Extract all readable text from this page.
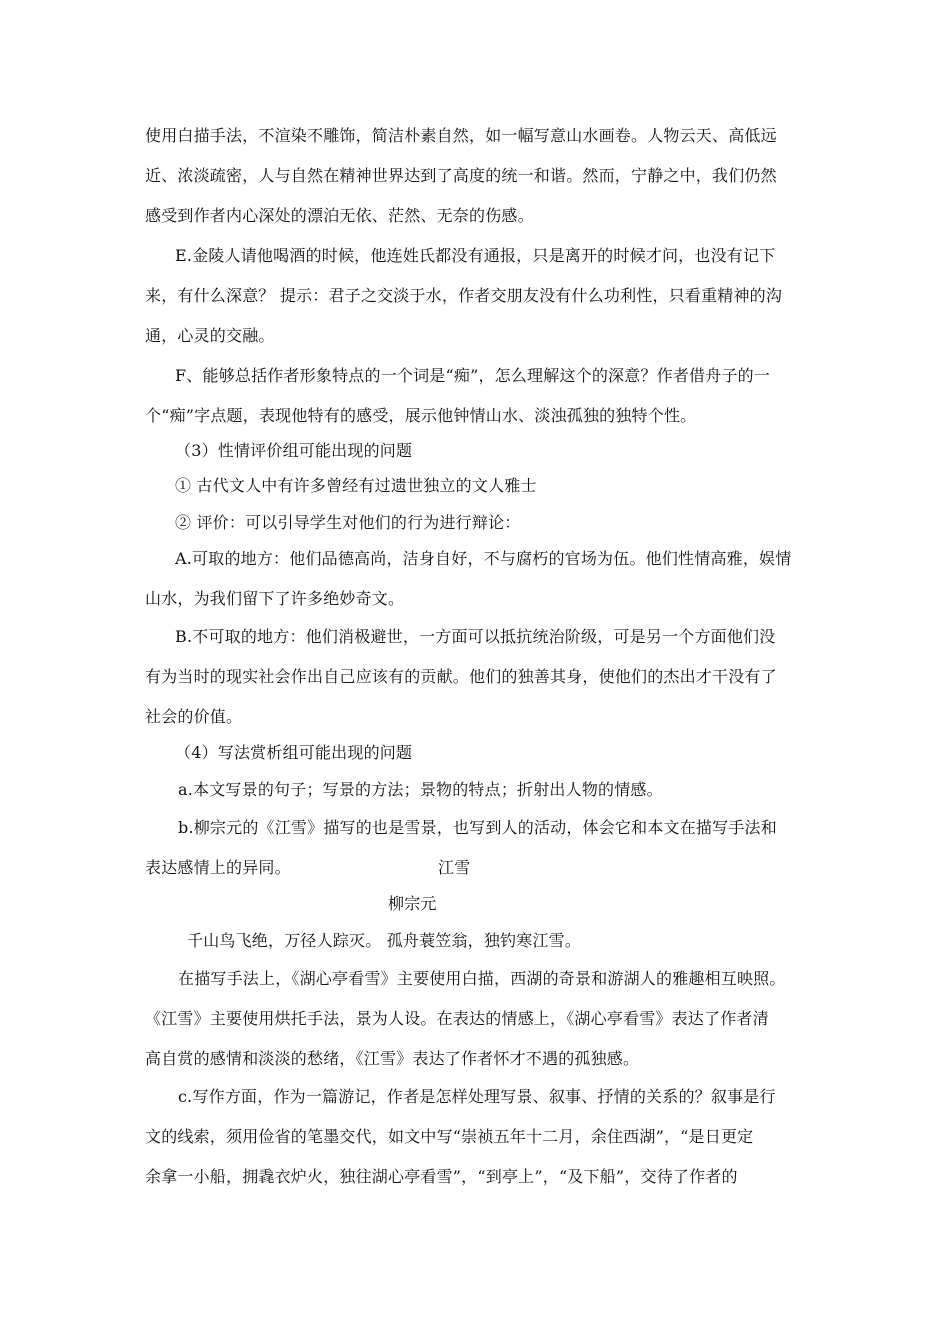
使用白描手法，不渲染不雕饰，简洁朴素自然，如一幅写意山水画卷。人物云天、高低远
近、浓淡疏密，人与自然在精神世界达到了高度的统一和谐。然而，宁静之中，我们仍然
感受到作者内心深处的漂泊无依、茫然、无奈的伤感。
E.金陵人请他喝酒的时候，他连姓氏都没有通报，只是离开的时候才问，也没有记下
来，有什么深意？ 提示：君子之交淡于水，作者交朋友没有什么功利性，只看重精神的沟
通，心灵的交融。
F、能够总括作者形象特点的一个词是“痴”，怎么理解这个的深意？作者借舟子的一
个“痴”字点题，表现他特有的感受，展示他钟情山水、淡浊孤独的独特个性。
（3）性情评价组可能出现的问题
① 古代文人中有许多曾经有过遗世独立的文人雅士
② 评价：可以引导学生对他们的行为进行辩论：
A.可取的地方：他们品德高尚，洁身自好，不与腐朽的官场为伍。他们性情高雅，娱情
山水，为我们留下了许多绝妙奇文。
B.不可取的地方：他们消极避世，一方面可以抵抗统治阶级，可是另一个方面他们没
有为当时的现实社会作出自己应该有的贡献。他们的独善其身，使他们的杰出才干没有了
社会的价值。
（4）写法赏析组可能出现的问题
a.本文写景的句子；写景的方法；景物的特点；折射出人物的情感。
b.柳宗元的《江雪》描写的也是雪景，也写到人的活动，体会它和本文在描写手法和
表达感情上的异同。	江雪
柳宗元
千山鸟飞绝，万径人踪灭。 孤舟蓑笠翁，独钓寒江雪。
在描写手法上，《湖心亭看雪》主要使用白描，西湖的奇景和游湖人的雅趣相互映照。
《江雪》主要使用烘托手法，景为人设。在表达的情感上，《湖心亭看雪》表达了作者清
高自赏的感情和淡淡的愁绪，《江雪》表达了作者怀才不遇的孤独感。
c.写作方面，作为一篇游记，作者是怎样处理写景、叙事、抒情的关系的？叙事是行
文的线索，须用俭省的笔墨交代，如文中写“崇祯五年十二月，余住西湖”，“是日更定
余拿一小船，拥毳衣炉火，独往湖心亭看雪”，“到亭上”，“及下船”，交待了作者的
